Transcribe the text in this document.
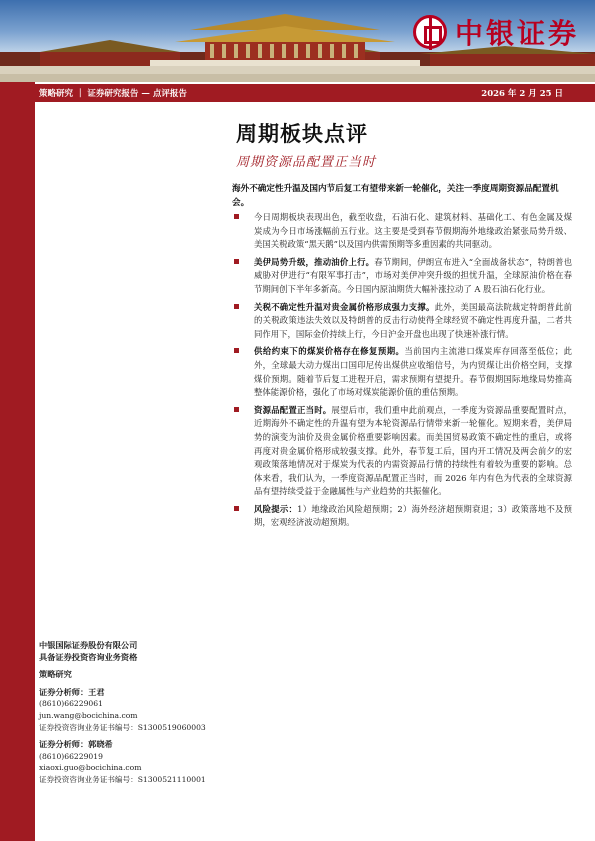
中银证券
策略研究 ｜ 证券研究报告 — 点评报告	2026 年 2 月 25 日
周期板块点评
周期资源品配置正当时
海外不确定性升温及国内节后复工有望带来新一轮催化，关注一季度周期资源品配置机会。
今日周期板块表现出色，截至收盘，石油石化、建筑材料、基础化工、有色金属及煤炭成为今日市场涨幅前五行业。这主要是受到春节假期海外地缘政治紧张局势升级、美国关税政策“黑天鹅”以及国内供需预期等多重因素的共同驱动。
美伊局势升级，推动油价上行。春节期间，伊朗宣布进入“全面战备状态”，特朗普也威胁对伊进行“有限军事打击”，市场对美伊冲突升级的担忧升温，全球原油价格在春节期间创下半年多新高。今日国内原油期货大幅补涨拉动了 A 股石油石化行业。
关税不确定性升温对贵金属价格形成强力支撑。此外，美国最高法院裁定特朗普此前的关税政策违法失效以及特朗普的反击行动使得全球经贸不确定性再度升温，二者共同作用下，国际金价持续上行，今日沪金开盘也出现了快速补涨行情。
供给约束下的煤炭价格存在修复预期。当前国内主流港口煤炭库存回落至低位；此外，全球最大动力煤出口国印尼传出煤供应收缩信号，为内贸煤让出价格空间，支撑煤价预期。随着节后复工进程开启，需求预期有望提升。春节假期国际地缘局势推高整体能源价格，强化了市场对煤炭能源价值的重估预期。
资源品配置正当时。展望后市，我们重申此前观点，一季度为资源品重要配置时点，近期海外不确定性的升温有望为本轮资源品行情带来新一轮催化。短期来看，美伊局势的演变为油价及贵金属价格重要影响因素。而美国贸易政策不确定性的重启，或将再度对贵金属价格形成较强支撑。此外，春节复工后，国内开工情况及两会前夕的宏观政策落地情况对于煤炭为代表的内需资源品行情的持续性有着较为重要的影响。总体来看，我们认为，一季度资源品配置正当时，而 2026 年内有色为代表的全球资源品有望持续受益于金融属性与产业趋势的共振催化。
风险提示：1）地缘政治风险超预期；2）海外经济超预期衰退；3）政策落地不及预期，宏观经济波动超预期。
中银国际证券股份有限公司
具备证券投资咨询业务资格
策略研究
证券分析师：王君
(8610)66229061
jun.wang@bocichina.com
证券投资咨询业务证书编号：S1300519060003
证券分析师：郭晓希
(8610)66229019
xiaoxi.guo@bocichina.com
证券投资咨询业务证书编号：S1300521110001
